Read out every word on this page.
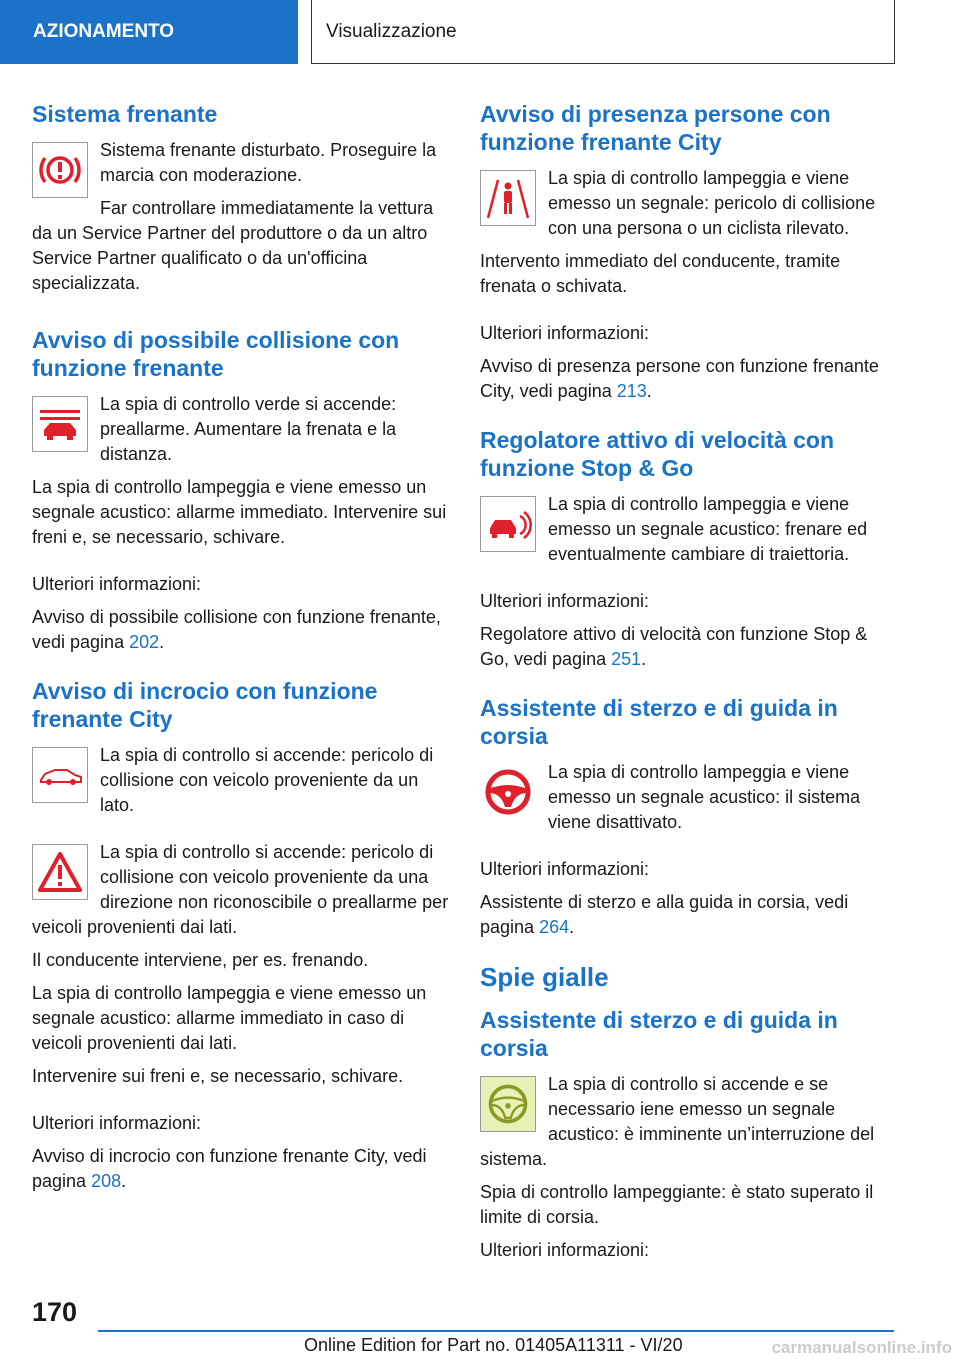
AZIONAMENTO	Visualizzazione
Sistema frenante

Sistema frenante disturbato. Proseguire la marcia con moderazione.

Far controllare immediatamente la vettura da un Service Partner del produttore o da un altro Service Partner qualificato o da un'officina specializzata.

Avviso di possibile collisione con funzione frenante

La spia di controllo verde si accende: preallarme. Aumentare la frenata e la distanza.

La spia di controllo lampeggia e viene emesso un segnale acustico: allarme immediato. Intervenire sui freni e, se necessario, schivare.

Ulteriori informazioni:

Avviso di possibile collisione con funzione frenante, vedi pagina 202.

Avviso di incrocio con funzione frenante City

La spia di controllo si accende: pericolo di collisione con veicolo proveniente da un lato.

La spia di controllo si accende: pericolo di collisione con veicolo proveniente da una direzione non riconoscibile o preallarme per veicoli provenienti dai lati.

Il conducente interviene, per es. frenando.

La spia di controllo lampeggia e viene emesso un segnale acustico: allarme immediato in caso di veicoli provenienti dai lati.

Intervenire sui freni e, se necessario, schivare.

Ulteriori informazioni:

Avviso di incrocio con funzione frenante City, vedi pagina 208.

Avviso di presenza persone con funzione frenante City

La spia di controllo lampeggia e viene emesso un segnale: pericolo di collisione con una persona o un ciclista rilevato.

Intervento immediato del conducente, tramite frenata o schivata.

Ulteriori informazioni:

Avviso di presenza persone con funzione frenante City, vedi pagina 213.

Regolatore attivo di velocità con funzione Stop & Go

La spia di controllo lampeggia e viene emesso un segnale acustico: frenare ed eventualmente cambiare di traiettoria.

Ulteriori informazioni:

Regolatore attivo di velocità con funzione Stop & Go, vedi pagina 251.

Assistente di sterzo e di guida in corsia

La spia di controllo lampeggia e viene emesso un segnale acustico: il sistema viene disattivato.

Ulteriori informazioni:

Assistente di sterzo e alla guida in corsia, vedi pagina 264.

Spie gialle
Assistente di sterzo e di guida in corsia

La spia di controllo si accende e se necessario iene emesso un segnale acustico: è imminente un’interruzione del sistema.

Spia di controllo lampeggiante: è stato superato il limite di corsia.

Ulteriori informazioni:

170
Online Edition for Part no. 01405A11311 - VI/20	carmanualsonline.info
